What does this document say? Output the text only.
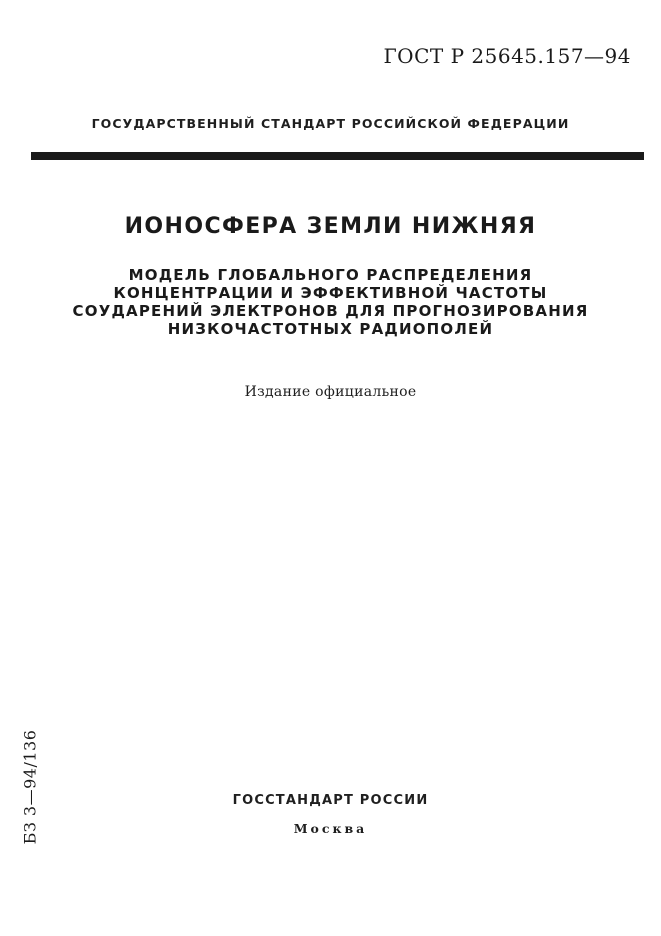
ГОСТ Р 25645.157—94
ГОСУДАРСТВЕННЫЙ СТАНДАРТ РОССИЙСКОЙ ФЕДЕРАЦИИ
ИОНОСФЕРА ЗЕМЛИ НИЖНЯЯ
МОДЕЛЬ ГЛОБАЛЬНОГО РАСПРЕДЕЛЕНИЯ
КОНЦЕНТРАЦИИ И ЭФФЕКТИВНОЙ ЧАСТОТЫ
СОУДАРЕНИЙ ЭЛЕКТРОНОВ ДЛЯ ПРОГНОЗИРОВАНИЯ
НИЗКОЧАСТОТНЫХ РАДИОПОЛЕЙ
Издание официальное
БЗ 3—94/136	ГОССТАНДАРТ РОССИИ
Москва
